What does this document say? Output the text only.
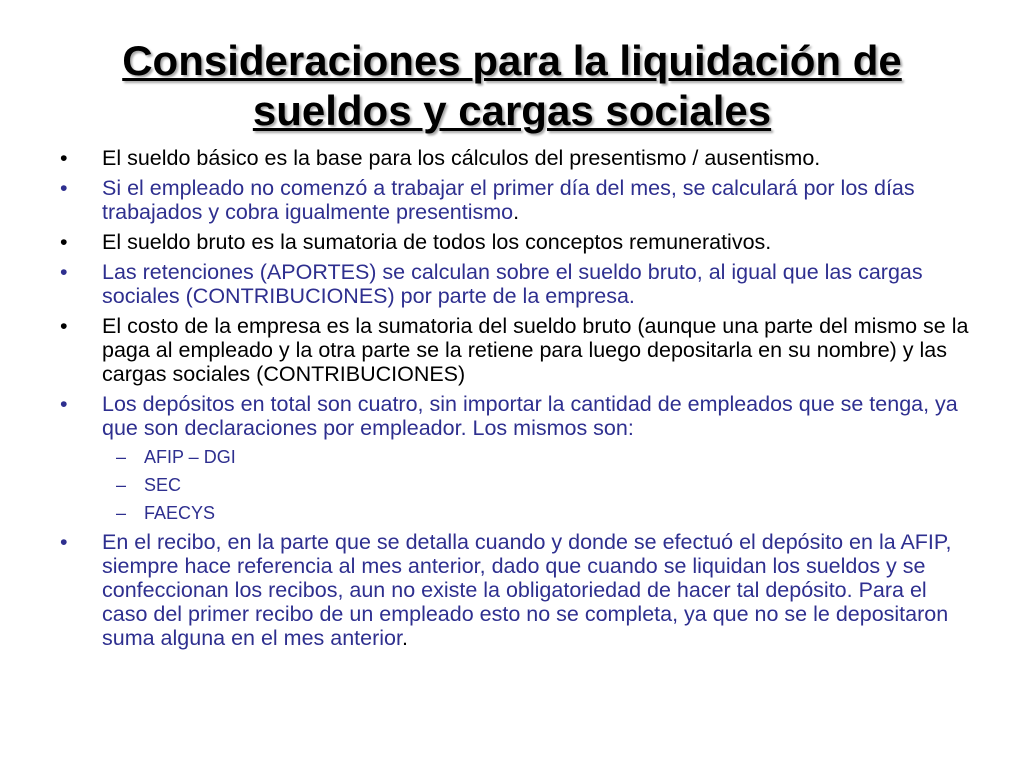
Consideraciones para la liquidación de sueldos y cargas sociales
•	El sueldo básico es la base para los cálculos del presentismo / ausentismo.
•	Si el empleado no comenzó a trabajar el primer día del mes, se calculará por los días trabajados y cobra igualmente presentismo.
•	El sueldo bruto es la sumatoria de todos los conceptos remunerativos.
•	Las retenciones (APORTES) se calculan sobre el sueldo bruto, al igual que las cargas sociales (CONTRIBUCIONES) por parte de la empresa.
•	El costo de la empresa es la sumatoria del sueldo bruto (aunque una parte del mismo se la paga al empleado y la otra parte se la retiene para luego depositarla en su nombre) y las cargas sociales (CONTRIBUCIONES)
•	Los depósitos en total son cuatro, sin importar la cantidad de empleados que se tenga, ya que son declaraciones por empleador. Los mismos son:
– AFIP – DGI
– SEC
– FAECYS
•	En el recibo, en la parte que se detalla cuando y donde se efectuó el depósito en la AFIP, siempre hace referencia al mes anterior, dado que cuando se liquidan los sueldos y se confeccionan los recibos, aun no existe la obligatoriedad de hacer tal depósito. Para el caso del primer recibo de un empleado esto no se completa, ya que no se le depositaron suma alguna en el mes anterior.
